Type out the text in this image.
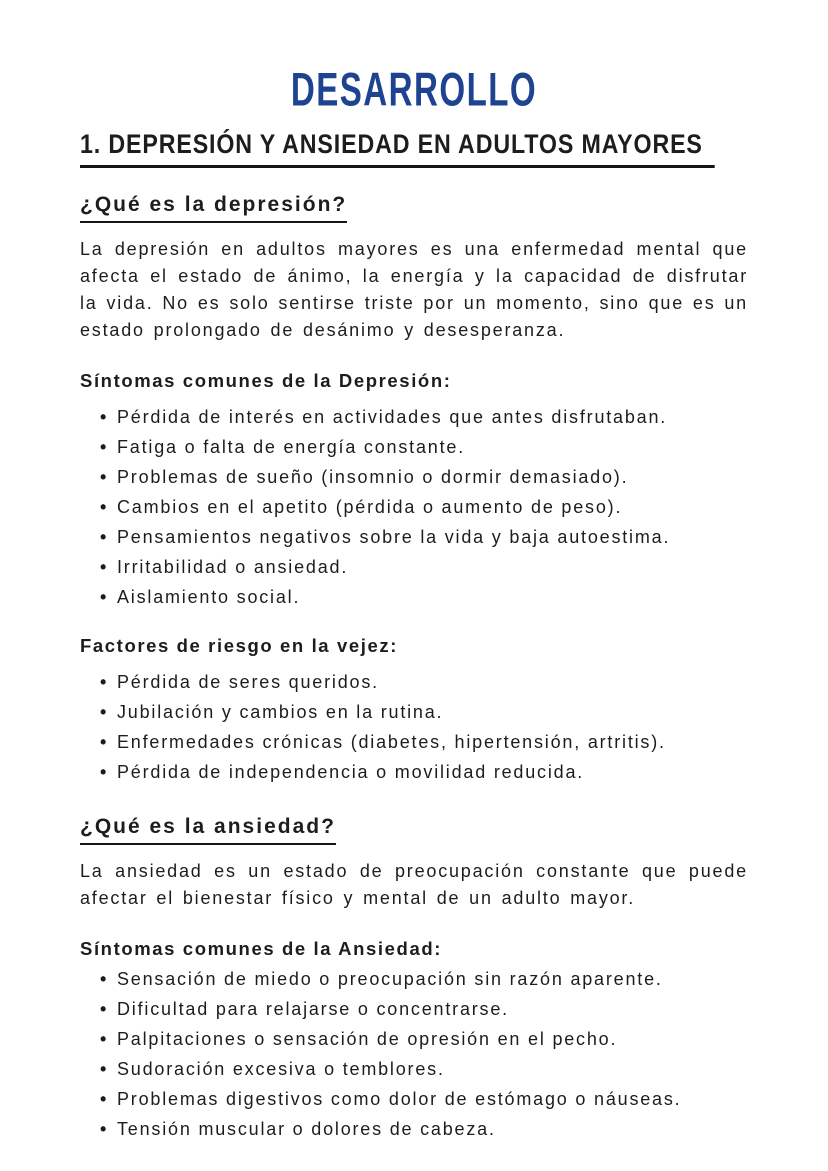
DESARROLLO
1. DEPRESIÓN Y ANSIEDAD EN ADULTOS MAYORES
¿Qué es la depresión?

La depresión en adultos mayores es una enfermedad mental que afecta el estado de ánimo, la energía y la capacidad de disfrutar la vida. No es solo sentirse triste por un momento, sino que es un estado prolongado de desánimo y desesperanza.

Síntomas comunes de la Depresión:
• Pérdida de interés en actividades que antes disfrutaban.
• Fatiga o falta de energía constante.
• Problemas de sueño (insomnio o dormir demasiado).
• Cambios en el apetito (pérdida o aumento de peso).
• Pensamientos negativos sobre la vida y baja autoestima.
• Irritabilidad o ansiedad.
• Aislamiento social.
Factores de riesgo en la vejez:
• Pérdida de seres queridos.
• Jubilación y cambios en la rutina.
• Enfermedades crónicas (diabetes, hipertensión, artritis).
• Pérdida de independencia o movilidad reducida.
¿Qué es la ansiedad?

La ansiedad es un estado de preocupación constante que puede afectar el bienestar físico y mental de un adulto mayor.

Síntomas comunes de la Ansiedad:
• Sensación de miedo o preocupación sin razón aparente.
• Dificultad para relajarse o concentrarse.
• Palpitaciones o sensación de opresión en el pecho.
• Sudoración excesiva o temblores.
• Problemas digestivos como dolor de estómago o náuseas.
• Tensión muscular o dolores de cabeza.
